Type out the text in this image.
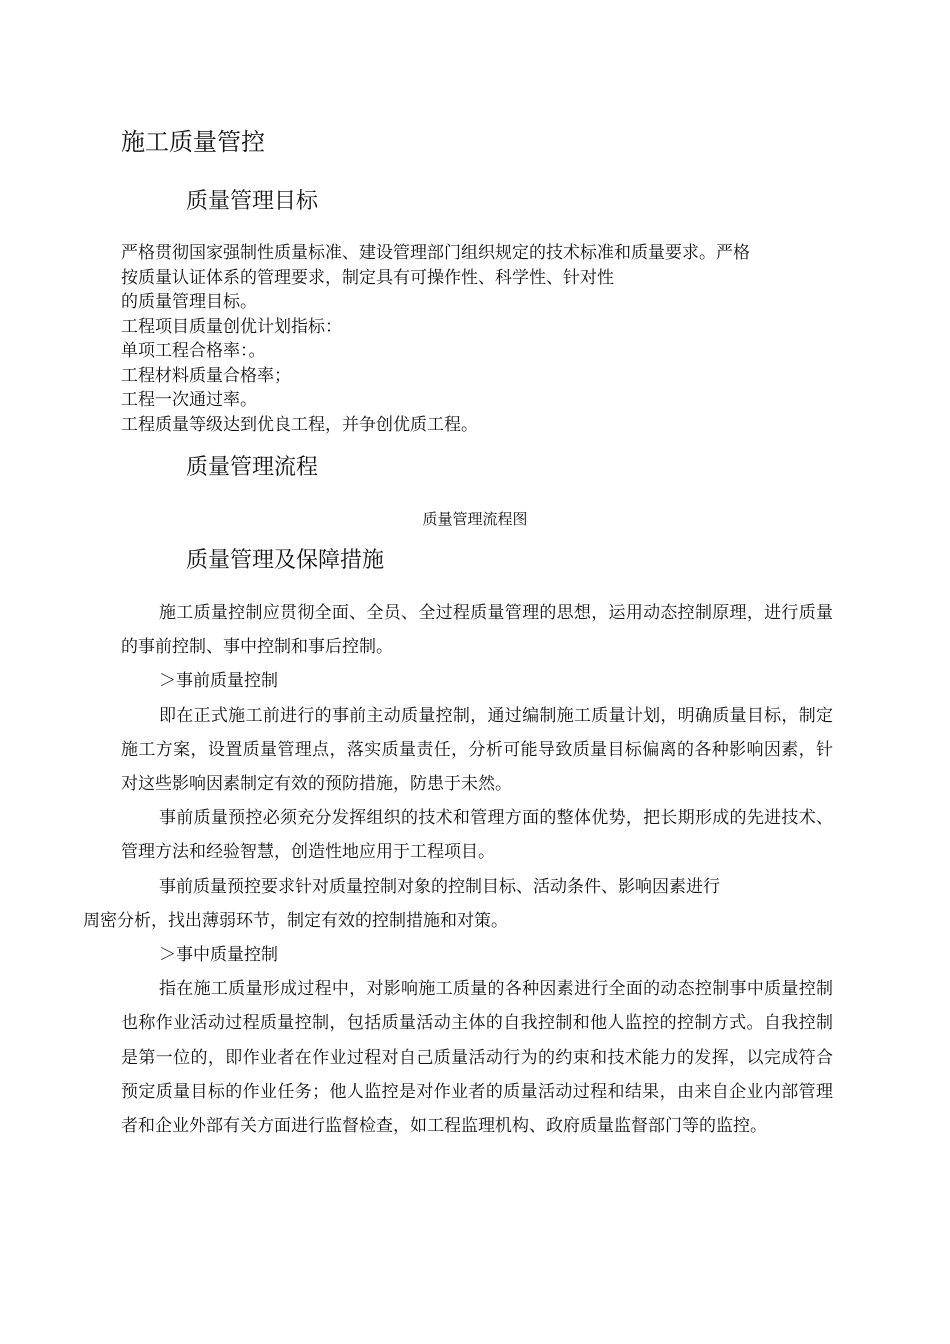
施工质量管控
质量管理目标
严格贯彻国家强制性质量标准、建设管理部门组织规定的技术标准和质量要求。严格
按质量认证体系的管理要求，制定具有可操作性、科学性、针对性
的质量管理目标。
工程项目质量创优计划指标：
单项工程合格率：。
工程材料质量合格率；
工程一次通过率。
工程质量等级达到优良工程，并争创优质工程。
质量管理流程
质量管理流程图
质量管理及保障措施

施工质量控制应贯彻全面、全员、全过程质量管理的思想，运用动态控制原理，进行质量的事前控制、事中控制和事后控制。

＞事前质量控制

即在正式施工前进行的事前主动质量控制，通过编制施工质量计划，明确质量目标，制定施工方案，设置质量管理点，落实质量责任，分析可能导致质量目标偏离的各种影响因素，针对这些影响因素制定有效的预防措施，防患于未然。

事前质量预控必须充分发挥组织的技术和管理方面的整体优势，把长期形成的先进技术、管理方法和经验智慧，创造性地应用于工程项目。

事前质量预控要求针对质量控制对象的控制目标、活动条件、影响因素进行
周密分析，找出薄弱环节，制定有效的控制措施和对策。

＞事中质量控制

指在施工质量形成过程中，对影响施工质量的各种因素进行全面的动态控制事中质量控制也称作业活动过程质量控制，包括质量活动主体的自我控制和他人监控的控制方式。自我控制是第一位的，即作业者在作业过程对自己质量活动行为的约束和技术能力的发挥，以完成符合预定质量目标的作业任务；他人监控是对作业者的质量活动过程和结果，由来自企业内部管理者和企业外部有关方面进行监督检查，如工程监理机构、政府质量监督部门等的监控。
